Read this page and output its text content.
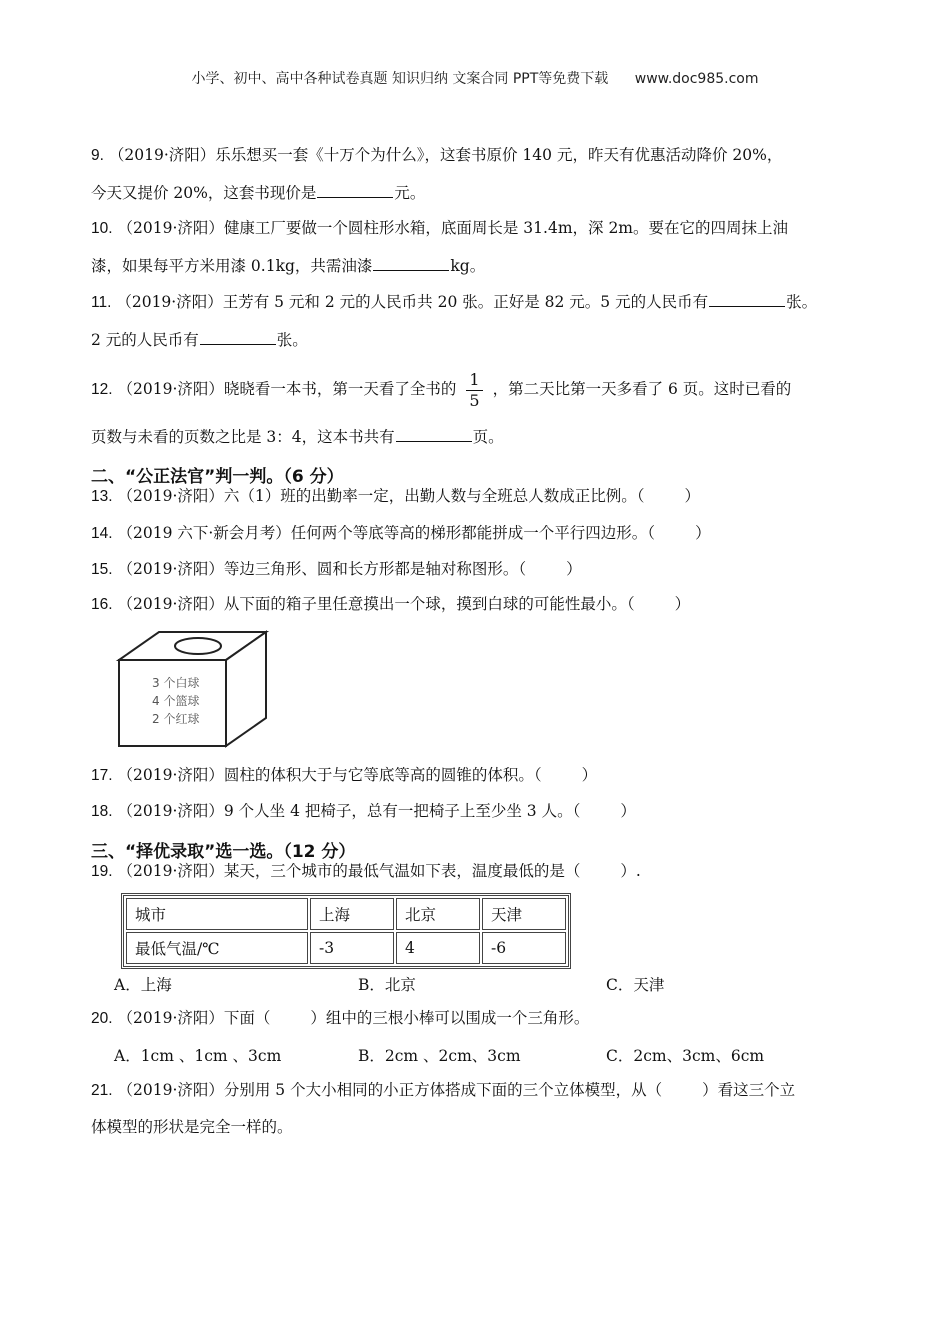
小学、初中、高中各种试卷真题 知识归纳 文案合同 PPT等免费下载 www.doc985.com
9. （2019·济阳）乐乐想买一套《十万个为什么》，这套书原价 140 元，昨天有优惠活动降价 20%，
今天又提价 20%，这套书现价是	元。
10. （2019·济阳）健康工厂要做一个圆柱形水箱，底面周长是 31.4m，深 2m。要在它的四周抹上油
漆，如果每平方米用漆 0.1kg，共需油漆	kg。
11. （2019·济阳）王芳有 5 元和 2 元的人民币共 20 张。正好是 82 元。5 元的人民币有	张。
2 元的人民币有	张。
12. （2019·济阳）晓晓看一本书，第一天看了全书的 $\frac{1}{5}$ ，第二天比第一天多看了 6 页。这时已看的
页数与未看的页数之比是 3：4，这本书共有	页。
二、“公正法官”判一判。（6 分）
13. （2019·济阳）六（1）班的出勤率一定，出勤人数与全班总人数成正比例。（	）
14. （2019 六下·新会月考）任何两个等底等高的梯形都能拼成一个平行四边形。（	）
15. （2019·济阳）等边三角形、圆和长方形都是轴对称图形。（	）
16. （2019·济阳）从下面的箱子里任意摸出一个球，摸到白球的可能性最小。（	）
3 个白球
4 个篮球
2 个红球
17. （2019·济阳）圆柱的体积大于与它等底等高的圆锥的体积。（	）
18. （2019·济阳）9 个人坐 4 把椅子，总有一把椅子上至少坐 3 人。（	）
三、“择优录取”选一选。（12 分）
19. （2019·济阳）某天，三个城市的最低气温如下表，温度最低的是（	）.
城市	上海	北京	天津
最低气温/℃	-3	4	-6
A．上海	B．北京	C．天津
20. （2019·济阳）下面（	）组中的三根小棒可以围成一个三角形。
A．1cm 、1cm 、3cm	B．2cm 、2cm、3cm	C．2cm、3cm、6cm
21. （2019·济阳）分别用 5 个大小相同的小正方体搭成下面的三个立体模型，从（	）看这三个立
体模型的形状是完全一样的。
